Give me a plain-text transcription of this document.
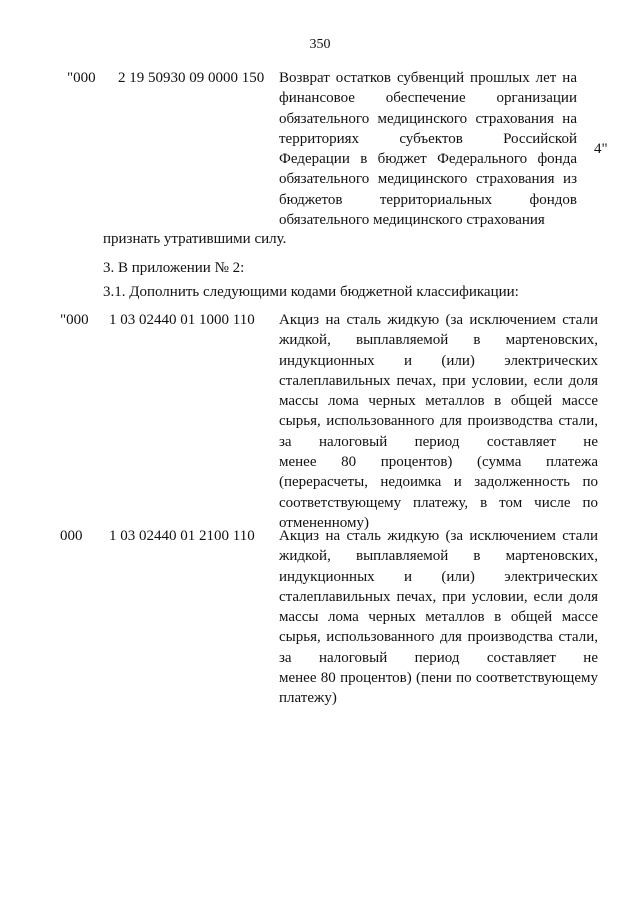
350
"000 2 19 50930 09 0000 150 Возврат остатков субвенций прошлых лет на
финансовое обеспечение организации
обязательного медицинского страхования на
территориях субъектов Российской
Федерации в бюджет Федерального фонда
обязательного медицинского страхования из
бюджетов территориальных фондов
обязательного медицинского страхования
4"
признать утратившими силу.
3. В приложении № 2:
3.1. Дополнить следующими кодами бюджетной классификации:
"000 1 03 02440 01 1000 110 Акциз на сталь жидкую (за исключением стали
жидкой, выплавляемой в мартеновских,
индукционных и (или) электрических
сталеплавильных печах, при условии, если доля
массы лома черных металлов в общей массе
сырья, использованного для производства стали,
за налоговый период составляет не
менее 80 процентов) (сумма платежа
(перерасчеты, недоимка и задолженность по
соответствующему платежу, в том числе по
отмененному)
000 1 03 02440 01 2100 110 Акциз на сталь жидкую (за исключением стали
жидкой, выплавляемой в мартеновских,
индукционных и (или) электрических
сталеплавильных печах, при условии, если доля
массы лома черных металлов в общей массе
сырья, использованного для производства стали,
за налоговый период составляет не
менее 80 процентов) (пени по соответствующему
платежу)
